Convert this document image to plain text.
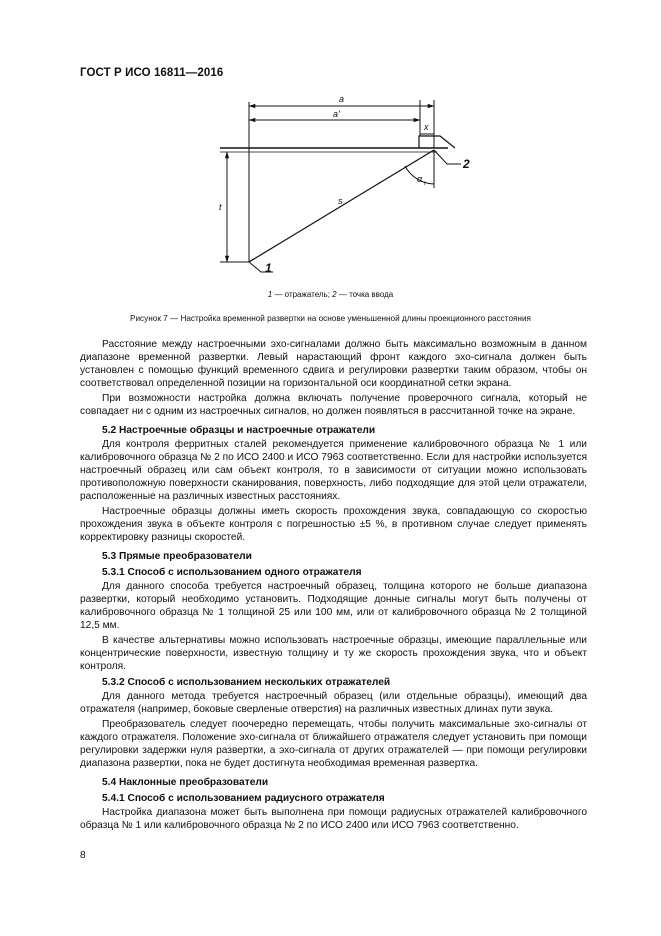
ГОСТ Р ИСО 16811—2016
a
a'
x
t
s
α r
1
2
1 — отражатель; 2 — точка ввода
Рисунок 7 — Настройка временной развертки на основе уменьшенной длины проекционного расстояния

Расстояние между настроечными эхо-сигналами должно быть максимально возможным в данном диапазоне временной развертки. Левый нарастающий фронт каждого эхо-сигнала должен быть установлен с помощью функций временного сдвига и регулировки развертки таким образом, чтобы он соответствовал определенной позиции на горизонтальной оси координатной сетки экрана.

При возможности настройка должна включать получение проверочного сигнала, который не совпадает ни с одним из настроечных сигналов, но должен появляться в рассчитанной точке на экране.

5.2 Настроечные образцы и настроечные отражатели

Для контроля ферритных сталей рекомендуется применение калибровочного образца № 1 или калибровочного образца № 2 по ИСО 2400 и ИСО 7963 соответственно. Если для настройки используется настроечный образец или сам объект контроля, то в зависимости от ситуации можно использовать противоположную поверхности сканирования, поверхность, либо подходящие для этой цели отражатели, расположенные на различных известных расстояниях.

Настроечные образцы должны иметь скорость прохождения звука, совпадающую со скоростью прохождения звука в объекте контроля с погрешностью ±5 %, в противном случае следует применять корректировку разницы скоростей.

5.3 Прямые преобразователи
5.3.1 Способ с использованием одного отражателя

Для данного способа требуется настроечный образец, толщина которого не больше диапазона развертки, который необходимо установить. Подходящие донные сигналы могут быть получены от калибровочного образца № 1 толщиной 25 или 100 мм, или от калибровочного образца № 2 толщиной 12,5 мм.

В качестве альтернативы можно использовать настроечные образцы, имеющие параллельные или концентрические поверхности, известную толщину и ту же скорость прохождения звука, что и объект контроля.

5.3.2 Способ с использованием нескольких отражателей

Для данного метода требуется настроечный образец (или отдельные образцы), имеющий два отражателя (например, боковые сверленые отверстия) на различных известных длинах пути звука.

Преобразователь следует поочередно перемещать, чтобы получить максимальные эхо-сигналы от каждого отражателя. Положение эхо-сигнала от ближайшего отражателя следует установить при помощи регулировки задержки нуля развертки, а эхо-сигнала от других отражателей — при помощи регулировки диапазона развертки, пока не будет достигнута необходимая временная развертка.

5.4 Наклонные преобразователи
5.4.1 Способ с использованием радиусного отражателя

Настройка диапазона может быть выполнена при помощи радиусных отражателей калибровочного образца № 1 или калибровочного образца № 2 по ИСО 2400 или ИСО 7963 соответственно.

8
